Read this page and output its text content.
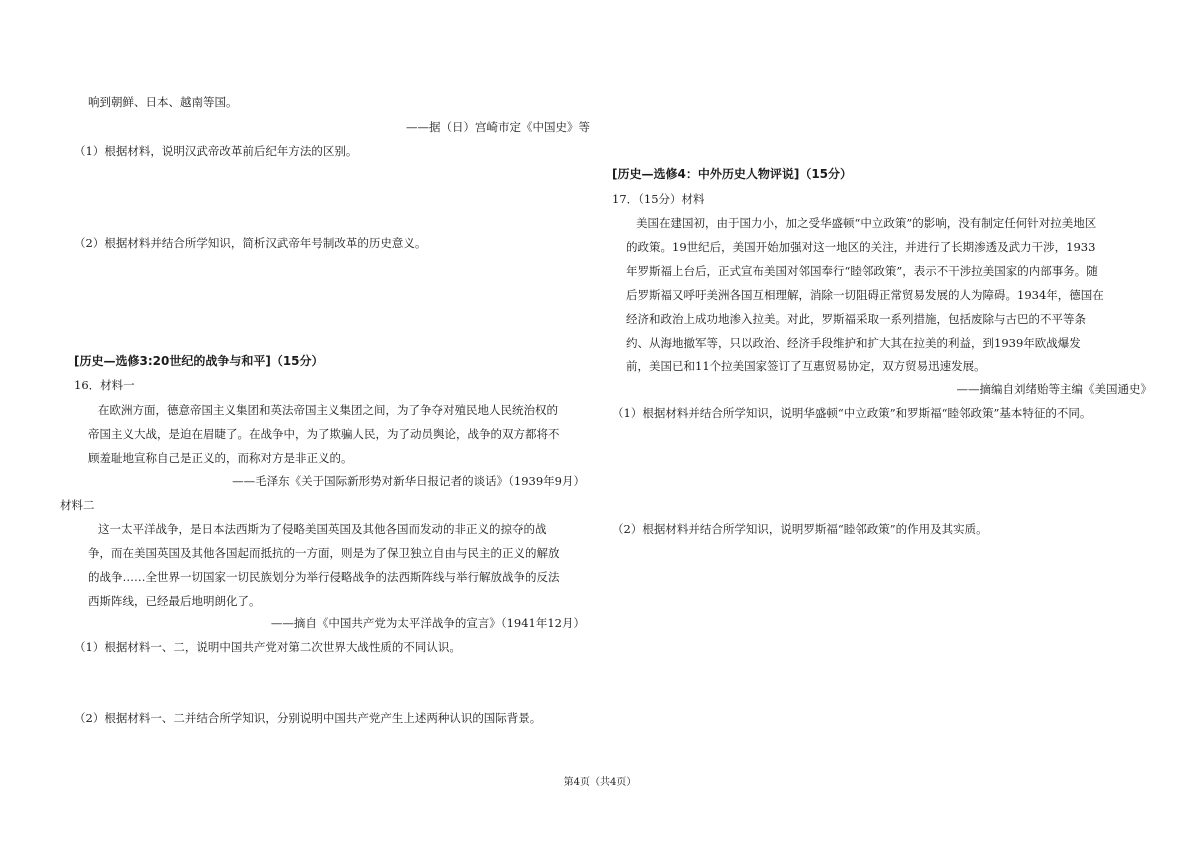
响到朝鲜、日本、越南等国。
——据（日）宫崎市定《中国史》等
（1）根据材料，说明汉武帝改革前后纪年方法的区别。
（2）根据材料并结合所学知识，简析汉武帝年号制改革的历史意义。
[历史—选修3:20世纪的战争与和平]（15分）
16．材料一
在欧洲方面，德意帝国主义集团和英法帝国主义集团之间，为了争夺对殖民地人民统治权的
帝国主义大战，是迫在眉睫了。在战争中，为了欺骗人民，为了动员舆论，战争的双方都将不
顾羞耻地宣称自己是正义的，而称对方是非正义的。
——毛泽东《关于国际新形势对新华日报记者的谈话》（1939年9月）
材料二
这一太平洋战争，是日本法西斯为了侵略美国英国及其他各国而发动的非正义的掠夺的战
争，而在美国英国及其他各国起而抵抗的一方面，则是为了保卫独立自由与民主的正义的解放
的战争……全世界一切国家一切民族划分为举行侵略战争的法西斯阵线与举行解放战争的反法
西斯阵线，已经最后地明朗化了。
——摘自《中国共产党为太平洋战争的宣言》（1941年12月）
（1）根据材料一、二，说明中国共产党对第二次世界大战性质的不同认识。
（2）根据材料一、二并结合所学知识，分别说明中国共产党产生上述两种认识的国际背景。
[历史—选修4：中外历史人物评说]（15分）
17．（15分）材料
美国在建国初，由于国力小，加之受华盛顿“中立政策”的影响，没有制定任何针对拉美地区
的政策。19世纪后，美国开始加强对这一地区的关注，并进行了长期渗透及武力干涉，1933
年罗斯福上台后，正式宣布美国对邻国奉行“睦邻政策”，表示不干涉拉美国家的内部事务。随
后罗斯福又呼吁美洲各国互相理解，消除一切阻碍正常贸易发展的人为障碍。1934年，德国在
经济和政治上成功地渗入拉美。对此，罗斯福采取一系列措施，包括废除与古巴的不平等条
约、从海地撤军等，只以政治、经济手段维护和扩大其在拉美的利益，到1939年欧战爆发
前，美国已和11个拉美国家签订了互惠贸易协定，双方贸易迅速发展。
——摘编自刘绪贻等主编《美国通史》
（1）根据材料并结合所学知识，说明华盛顿“中立政策”和罗斯福“睦邻政策”基本特征的不同。
（2）根据材料并结合所学知识，说明罗斯福“睦邻政策”的作用及其实质。
第4页（共4页）
